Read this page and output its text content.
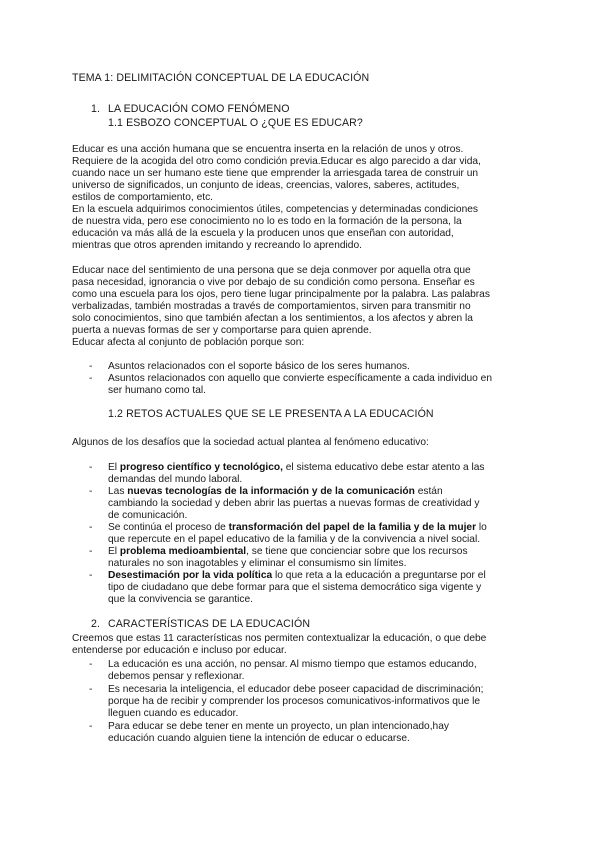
TEMA 1: DELIMITACIÓN CONCEPTUAL DE LA EDUCACIÓN
1. LA EDUCACIÓN COMO FENÓMENO
1.1 ESBOZO CONCEPTUAL O ¿QUE ES EDUCAR?
Educar es una acción humana que se encuentra inserta en la relación de unos y otros.
Requiere de la acogida del otro como condición previa.Educar es algo parecido a dar vida,
cuando nace un ser humano este tiene que emprender la arriesgada tarea de construir un
universo de significados, un conjunto de ideas, creencias, valores, saberes, actitudes,
estilos de comportamiento, etc.
En la escuela adquirimos conocimientos útiles, competencias y determinadas condiciones
de nuestra vida, pero ese conocimiento no lo es todo en la formación de la persona, la
educación va más allá de la escuela y la producen unos que enseñan con autoridad,
mientras que otros aprenden imitando y recreando lo aprendido.
Educar nace del sentimiento de una persona que se deja conmover por aquella otra que
pasa necesidad, ignorancia o vive por debajo de su condición como persona. Enseñar es
como una escuela para los ojos, pero tiene lugar principalmente por la palabra. Las palabras
verbalizadas, también mostradas a través de comportamientos, sirven para transmitir no
solo conocimientos, sino que también afectan a los sentimientos, a los afectos y abren la
puerta a nuevas formas de ser y comportarse para quien aprende.
Educar afecta al conjunto de población porque son:
- Asuntos relacionados con el soporte básico de los seres humanos.
- Asuntos relacionados con aquello que convierte específicamente a cada individuo en
ser humano como tal.
1.2 RETOS ACTUALES QUE SE LE PRESENTA A LA EDUCACIÓN
Algunos de los desafíos que la sociedad actual plantea al fenómeno educativo:
- El progreso científico y tecnológico, el sistema educativo debe estar atento a las
demandas del mundo laboral.
- Las nuevas tecnologías de la información y de la comunicación están
cambiando la sociedad y deben abrir las puertas a nuevas formas de creatividad y
de comunicación.
- Se continúa el proceso de transformación del papel de la familia y de la mujer lo
que repercute en el papel educativo de la familia y de la convivencia a nivel social.
- El problema medioambiental, se tiene que concienciar sobre que los recursos
naturales no son inagotables y eliminar el consumismo sin límites.
- Desestimación por la vida política lo que reta a la educación a preguntarse por el
tipo de ciudadano que debe formar para que el sistema democrático siga vigente y
que la convivencia se garantice.
2. CARACTERÍSTICAS DE LA EDUCACIÓN
Creemos que estas 11 características nos permiten contextualizar la educación, o que debe
entenderse por educación e incluso por educar.
- La educación es una acción, no pensar. Al mismo tiempo que estamos educando,
debemos pensar y reflexionar.
- Es necesaria la inteligencia, el educador debe poseer capacidad de discriminación;
porque ha de recibir y comprender los procesos comunicativos-informativos que le
lleguen cuando es educador.
- Para educar se debe tener en mente un proyecto, un plan intencionado,hay
educación cuando alguien tiene la intención de educar o educarse.
